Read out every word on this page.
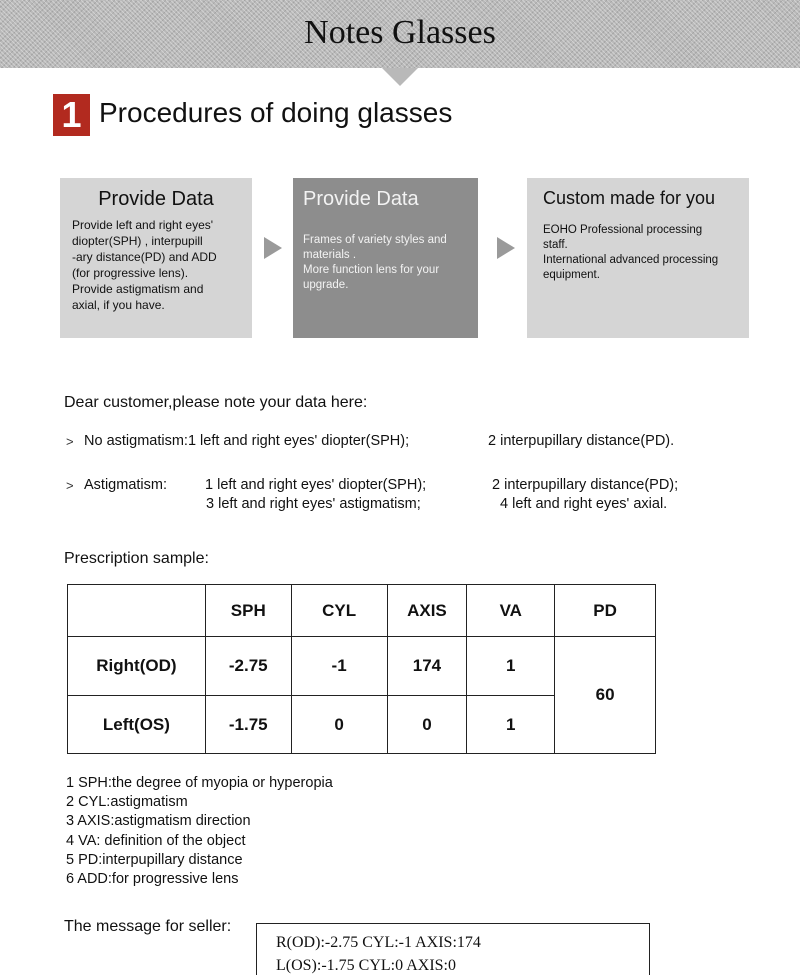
Notes Glasses
1 Procedures of doing glasses
Provide Data
Provide left and right eyes'
diopter(SPH) , interpupill
-ary distance(PD) and ADD
(for progressive lens).
Provide astigmatism and
axial, if you have.
Provide Data
Frames of variety styles and
materials .
More function lens for your
upgrade.
Custom made for you
EOHO Professional processing
staff.
International advanced processing
equipment.
Dear customer,please note your data here:
> No astigmatism:1 left and right eyes' diopter(SPH);	2 interpupillary distance(PD).
> Astigmatism:	1 left and right eyes' diopter(SPH);	2 interpupillary distance(PD);
3 left and right eyes' astigmatism;	4 left and right eyes' axial.
Prescription sample:
	SPH	CYL	AXIS	VA	PD
Right(OD)	-2.75	-1	174	1	60
Left(OS)	-1.75	0	0	1	
1 SPH:the degree of myopia or hyperopia
2 CYL:astigmatism
3 AXIS:astigmatism direction
4 VA: definition of the object
5 PD:interpupillary distance
6 ADD:for progressive lens
The message for seller:
R(OD):-2.75 CYL:-1 AXIS:174
L(OS):-1.75 CYL:0 AXIS:0
